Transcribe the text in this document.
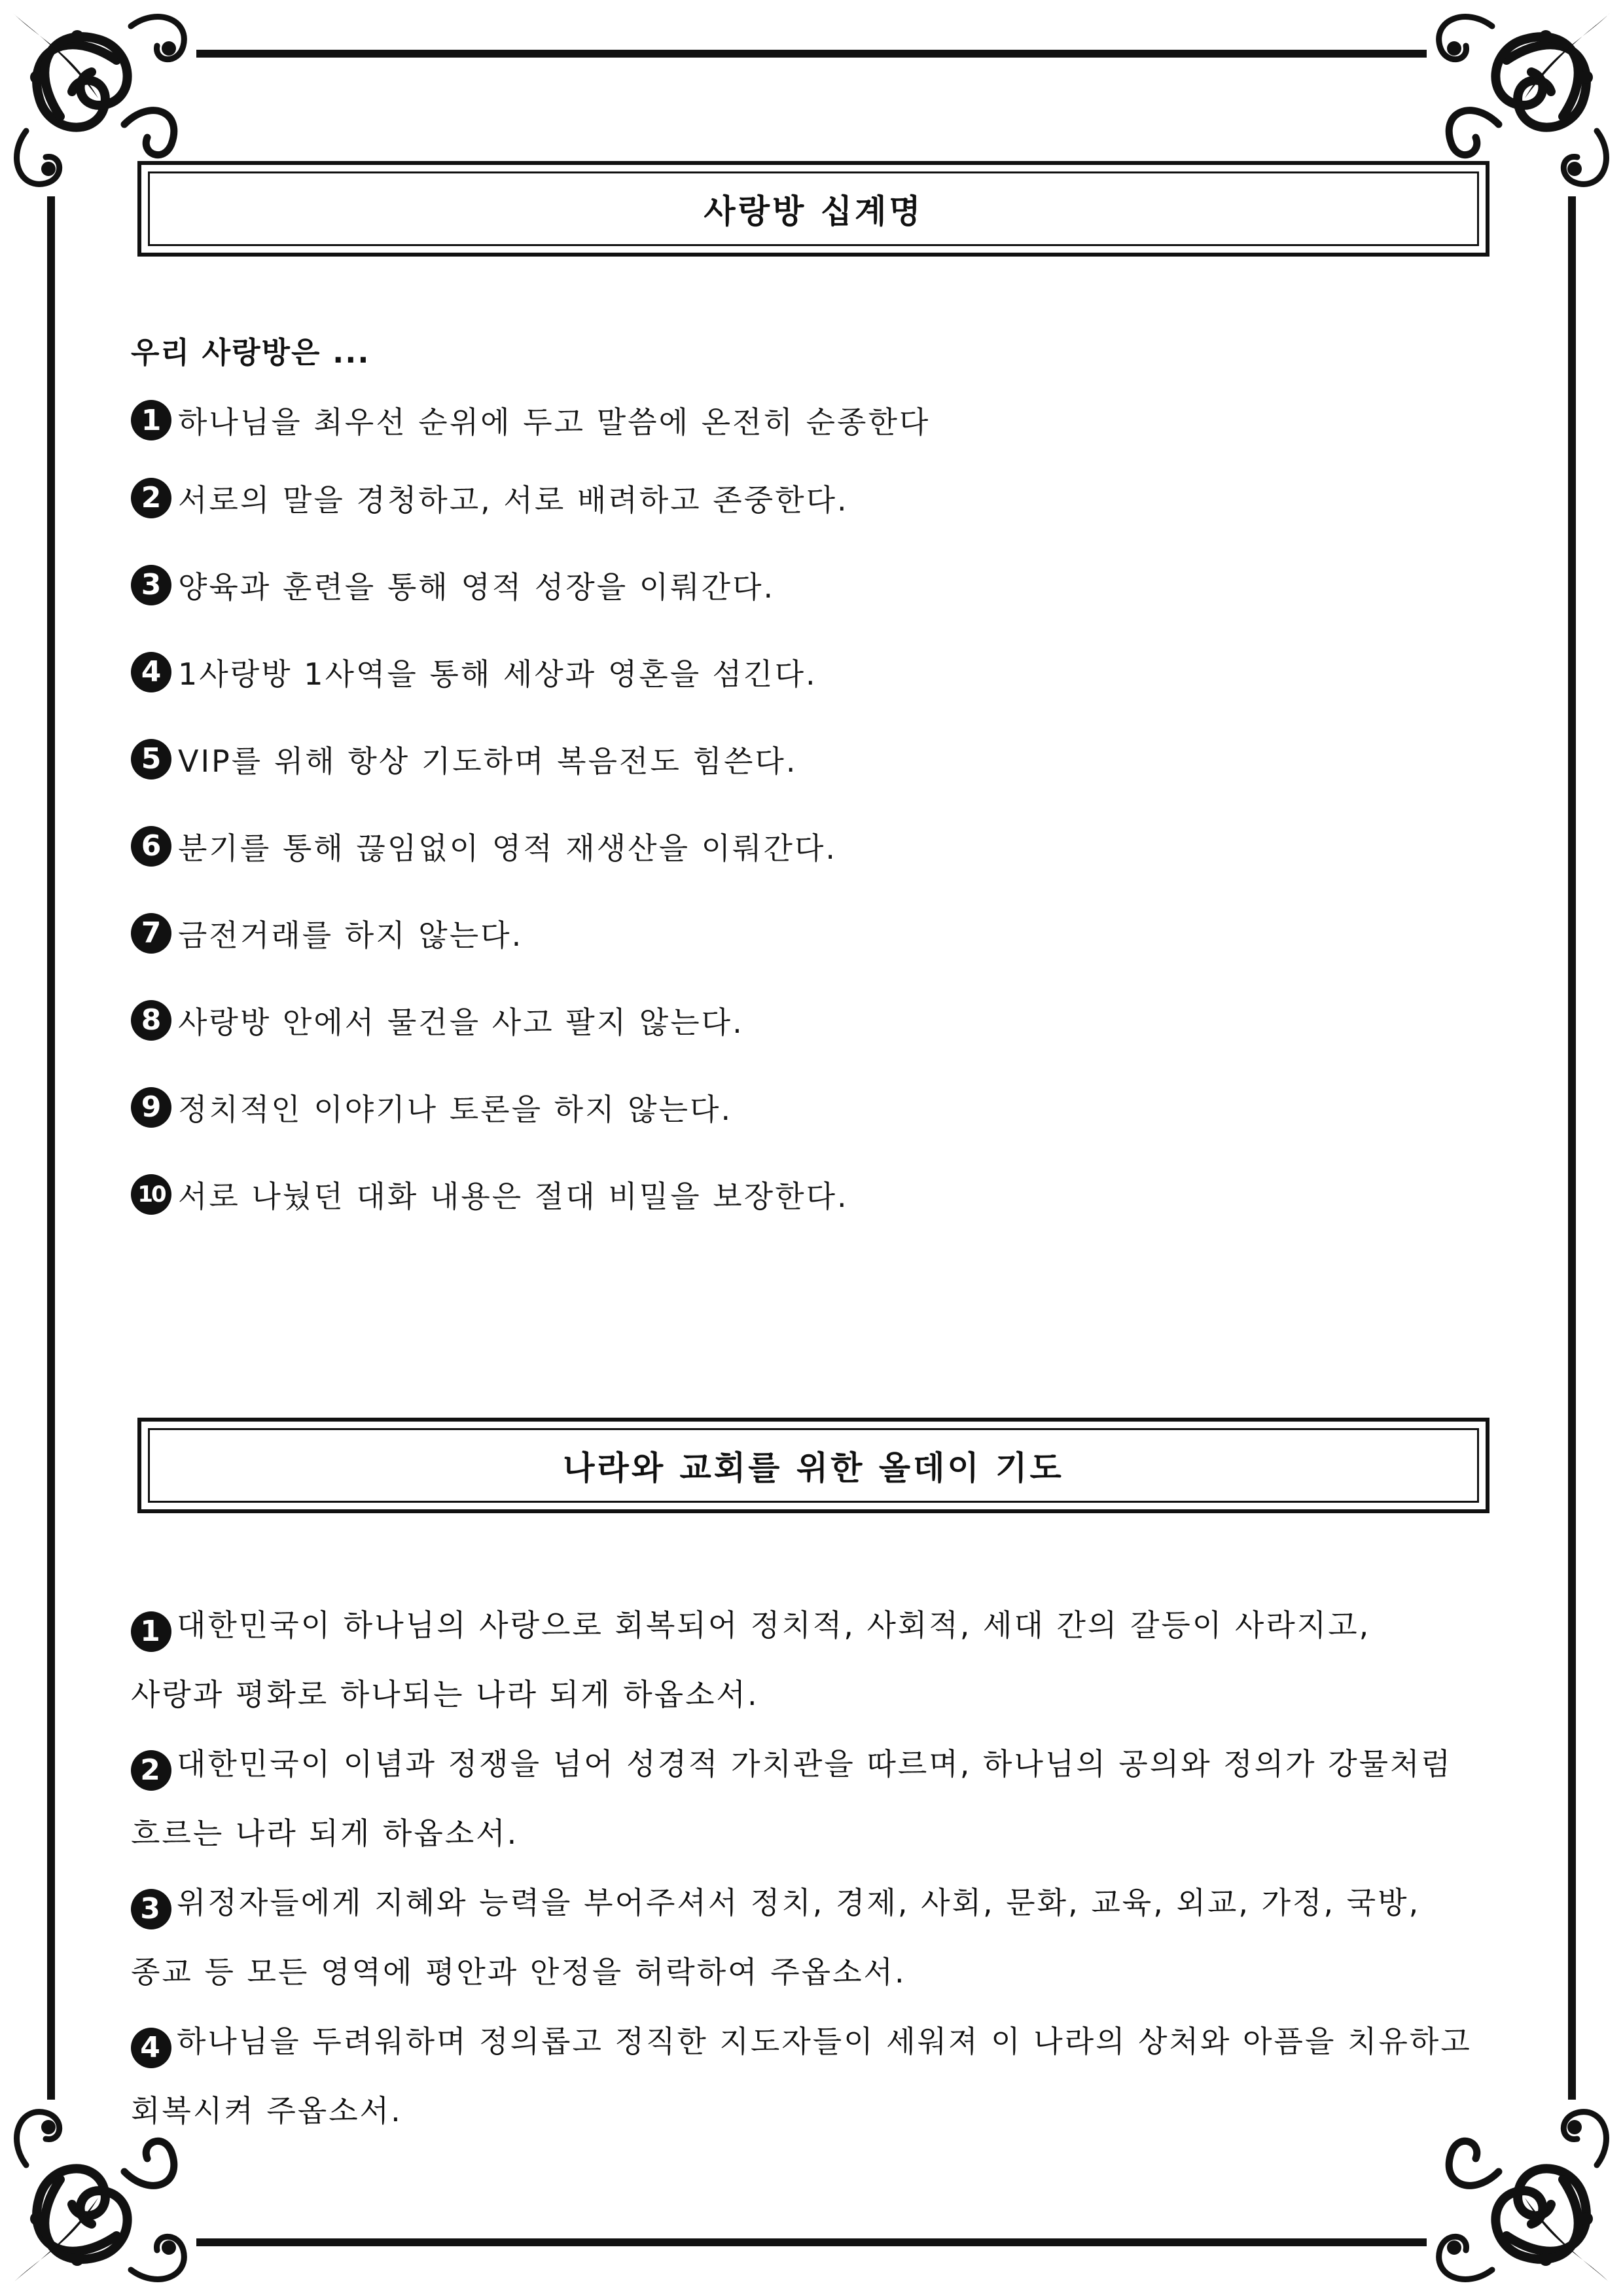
사랑방 십계명
우리 사랑방은 ...
1 하나님을 최우선 순위에 두고 말씀에 온전히 순종한다
2 서로의 말을 경청하고, 서로 배려하고 존중한다.
3 양육과 훈련을 통해 영적 성장을 이뤄간다.
4 1사랑방 1사역을 통해 세상과 영혼을 섬긴다.
5 VIP를 위해 항상 기도하며 복음전도 힘쓴다.
6 분기를 통해 끊임없이 영적 재생산을 이뤄간다.
7 금전거래를 하지 않는다.
8 사랑방 안에서 물건을 사고 팔지 않는다.
9 정치적인 이야기나 토론을 하지 않는다.
10 서로 나눴던 대화 내용은 절대 비밀을 보장한다.
나라와 교회를 위한 올데이 기도
1 대한민국이 하나님의 사랑으로 회복되어 정치적, 사회적, 세대 간의 갈등이 사라지고,
사랑과 평화로 하나되는 나라 되게 하옵소서.
2 대한민국이 이념과 정쟁을 넘어 성경적 가치관을 따르며, 하나님의 공의와 정의가 강물처럼
흐르는 나라 되게 하옵소서.
3 위정자들에게 지혜와 능력을 부어주셔서 정치, 경제, 사회, 문화, 교육, 외교, 가정, 국방,
종교 등 모든 영역에 평안과 안정을 허락하여 주옵소서.
4 하나님을 두려워하며 정의롭고 정직한 지도자들이 세워져 이 나라의 상처와 아픔을 치유하고
회복시켜 주옵소서.
